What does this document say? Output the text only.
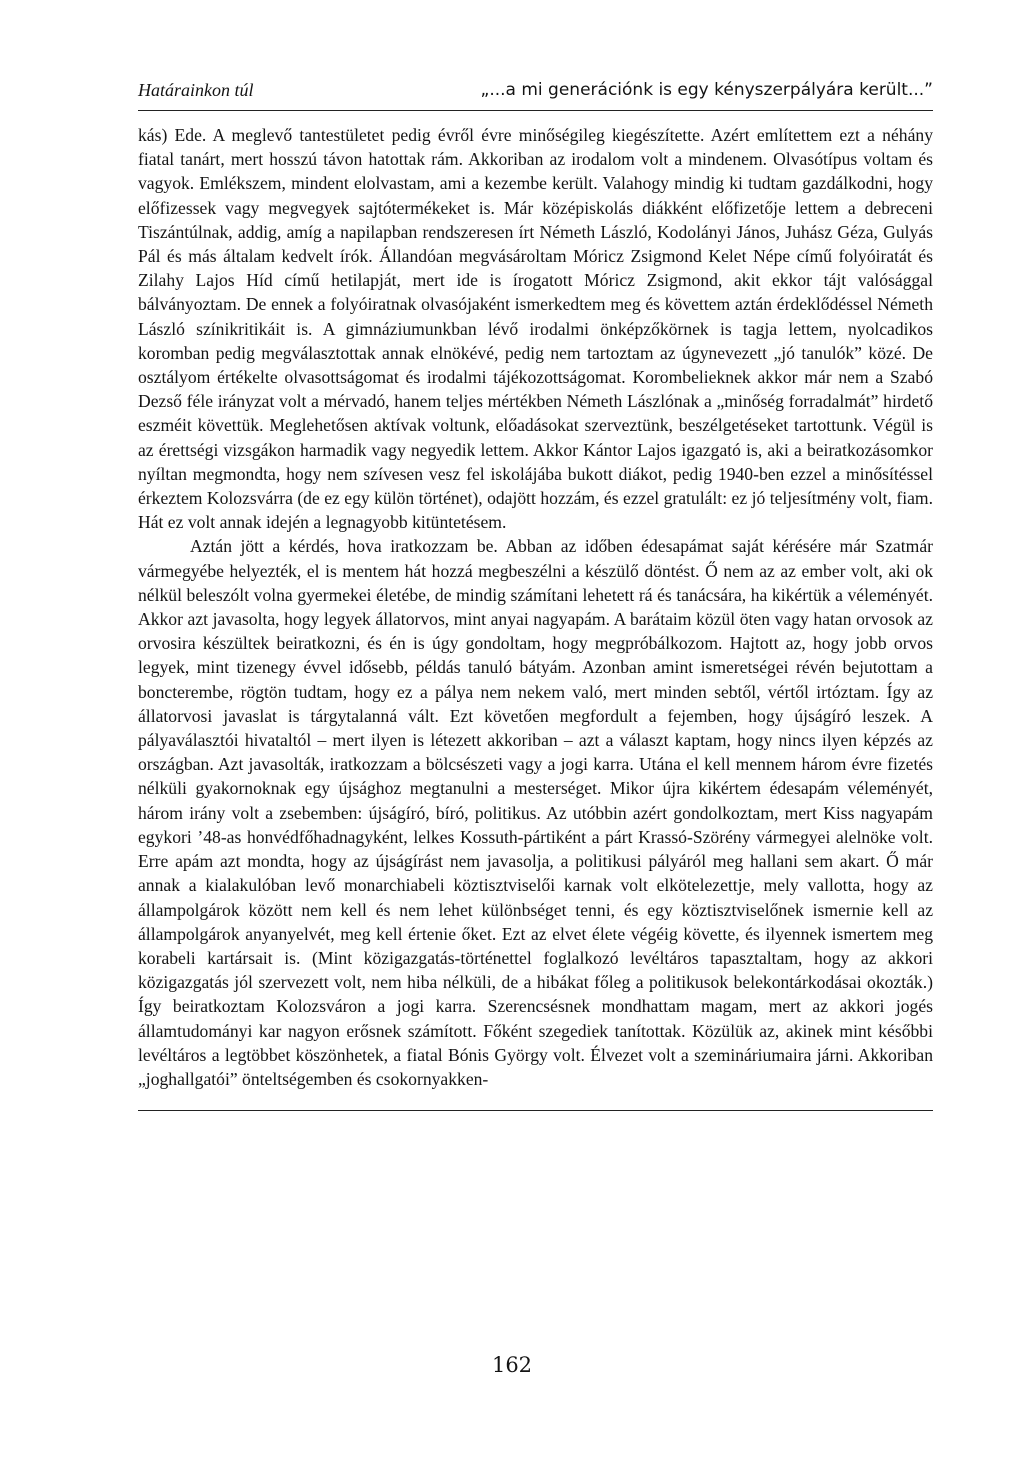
Határainkon túl	„...a mi generációnk is egy kényszerpályára került...”

kás) Ede. A meglevő tantestületet pedig évről évre minőségileg kiegészítette. Azért említettem ezt a néhány fiatal tanárt, mert hosszú távon hatottak rám. Akkoriban az irodalom volt a mindenem. Olvasótípus voltam és vagyok. Emlékszem, mindent elolvastam, ami a kezembe került. Valahogy mindig ki tudtam gazdálkodni, hogy előfizessek vagy megvegyek sajtótermékeket is. Már középiskolás diákként előfizetője lettem a debreceni Tiszántúlnak, addig, amíg a napilapban rendszeresen írt Németh László, Kodolányi János, Juhász Géza, Gulyás Pál és más általam kedvelt írók. Állandóan megvásároltam Móricz Zsigmond Kelet Népe című folyóiratát és Zilahy Lajos Híd című hetilapját, mert ide is írogatott Móricz Zsigmond, akit ekkor tájt valósággal bálványoztam. De ennek a folyóiratnak olvasójaként ismerkedtem meg és követtem aztán érdeklődéssel Németh László színikritikáit is. A gimnáziumunkban lévő irodalmi önképzőkörnek is tagja lettem, nyolcadikos koromban pedig megválasztottak annak elnökévé, pedig nem tartoztam az úgynevezett „jó tanulók” közé. De osztályom értékelte olvasottságomat és irodalmi tájékozottságomat. Korombelieknek akkor már nem a Szabó Dezső féle irányzat volt a mérvadó, hanem teljes mértékben Németh Lászlónak a „minőség forradalmát” hirdető eszméit követtük. Meglehetősen aktívak voltunk, előadásokat szerveztünk, beszélgetéseket tartottunk. Végül is az érettségi vizsgákon harmadik vagy negyedik lettem. Akkor Kántor Lajos igazgató is, aki a beiratkozásomkor nyíltan megmondta, hogy nem szívesen vesz fel iskolájába bukott diákot, pedig 1940-ben ezzel a minősítéssel érkeztem Kolozsvárra (de ez egy külön történet), odajött hozzám, és ezzel gratulált: ez jó teljesítmény volt, fiam. Hát ez volt annak idején a legnagyobb kitüntetésem.

Aztán jött a kérdés, hova iratkozzam be. Abban az időben édesapámat saját kérésére már Szatmár vármegyébe helyezték, el is mentem hát hozzá megbeszélni a készülő döntést. Ő nem az az ember volt, aki ok nélkül beleszólt volna gyermekei életébe, de mindig számítani lehetett rá és tanácsára, ha kikértük a véleményét. Akkor azt javasolta, hogy legyek állatorvos, mint anyai nagyapám. A barátaim közül öten vagy hatan orvosok az orvosira készültek beiratkozni, és én is úgy gondoltam, hogy megpróbálkozom. Hajtott az, hogy jobb orvos legyek, mint tizenegy évvel idősebb, példás tanuló bátyám. Azonban amint ismeretségei révén bejutottam a boncterembe, rögtön tudtam, hogy ez a pálya nem nekem való, mert minden sebtől, vértől irtóztam. Így az állatorvosi javaslat is tárgytalanná vált. Ezt követően megfordult a fejemben, hogy újságíró leszek. A pályaválasztói hivataltól – mert ilyen is létezett akkoriban – azt a választ kaptam, hogy nincs ilyen képzés az országban. Azt javasolták, iratkozzam a bölcsészeti vagy a jogi karra. Utána el kell mennem három évre fizetés nélküli gyakornoknak egy újsághoz megtanulni a mesterséget. Mikor újra kikértem édesapám véleményét, három irány volt a zsebemben: újságíró, bíró, politikus. Az utóbbin azért gondolkoztam, mert Kiss nagyapám egykori ’48-as honvédfőhadnagyként, lelkes Kossuth-pártiként a párt Krassó-Szörény vármegyei alelnöke volt. Erre apám azt mondta, hogy az újságírást nem javasolja, a politikusi pályáról meg hallani sem akart. Ő már annak a kialakulóban levő monarchiabeli köztisztviselői karnak volt elkötelezettje, mely vallotta, hogy az állampolgárok között nem kell és nem lehet különbséget tenni, és egy köztisztviselőnek ismernie kell az állampolgárok anyanyelvét, meg kell értenie őket. Ezt az elvet élete végéig követte, és ilyennek ismertem meg korabeli kartársait is. (Mint közigazgatás-történettel foglalkozó levéltáros tapasztaltam, hogy az akkori közigazgatás jól szervezett volt, nem hiba nélküli, de a hibákat főleg a politikusok belekontárkodásai okozták.) Így beiratkoztam Kolozsváron a jogi karra. Szerencsésnek mondhattam magam, mert az akkori jogés államtudományi kar nagyon erősnek számított. Főként szegediek tanítottak. Közülük az, akinek mint későbbi levéltáros a legtöbbet köszönhetek, a fiatal Bónis György volt. Élvezet volt a szemináriumaira járni. Akkoriban „joghallgatói” önteltségemben és csokornyakken-

162
